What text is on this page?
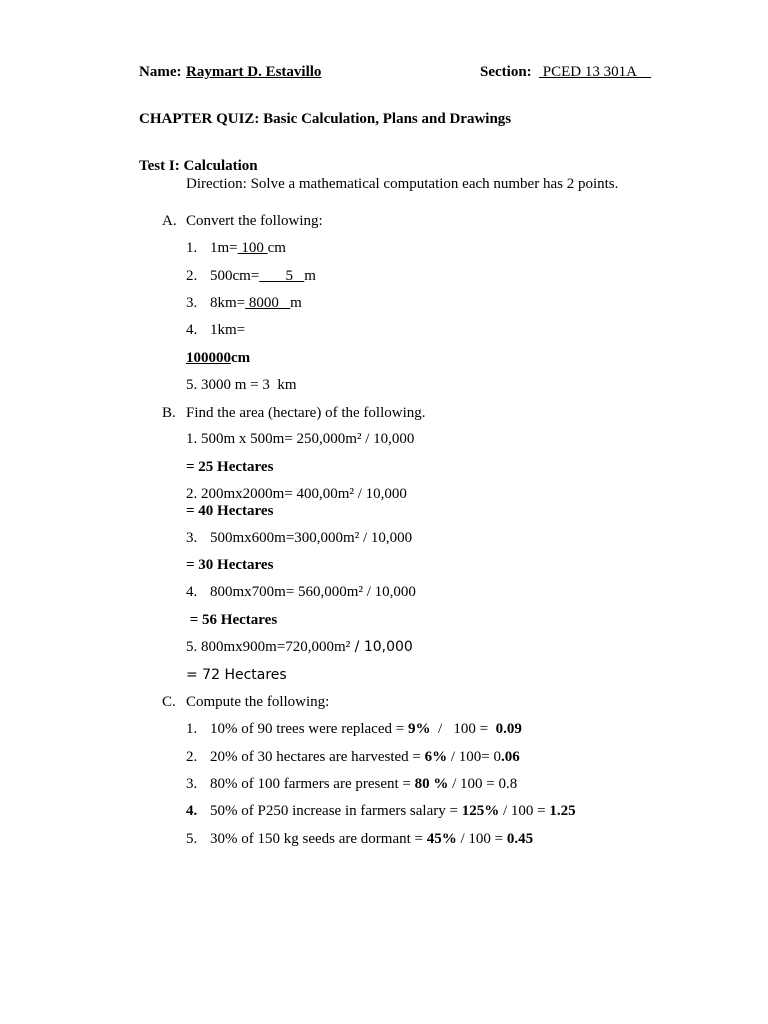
Name: Raymart D. Estavillo	Section: PCED 13 301A
CHAPTER QUIZ: Basic Calculation, Plans and Drawings
Test I: Calculation
Direction: Solve a mathematical computation each number has 2 points.
A. Convert the following:
1. 1m= 100 cm
2. 500cm=       5   m
3. 8km= 8000   m
4. 1km=
100000cm
5. 3000 m = 3  km
B. Find the area (hectare) of the following.
1. 500m x 500m= 250,000m² / 10,000
= 25 Hectares
2. 200mx2000m= 400,00m² / 10,000
= 40 Hectares
3. 500mx600m=300,000m² / 10,000
= 30 Hectares
4. 800mx700m= 560,000m² / 10,000
= 56 Hectares
5. 800mx900m=720,000m² / 10,000
= 72 Hectares
C. Compute the following:
1. 10% of 90 trees were replaced = 9%  /   100 =  0.09
2. 20% of 30 hectares are harvested = 6% / 100= 0.06
3. 80% of 100 farmers are present = 80 % / 100 = 0.8
4. 50% of P250 increase in farmers salary = 125% / 100 = 1.25
5. 30% of 150 kg seeds are dormant = 45% / 100 = 0.45
